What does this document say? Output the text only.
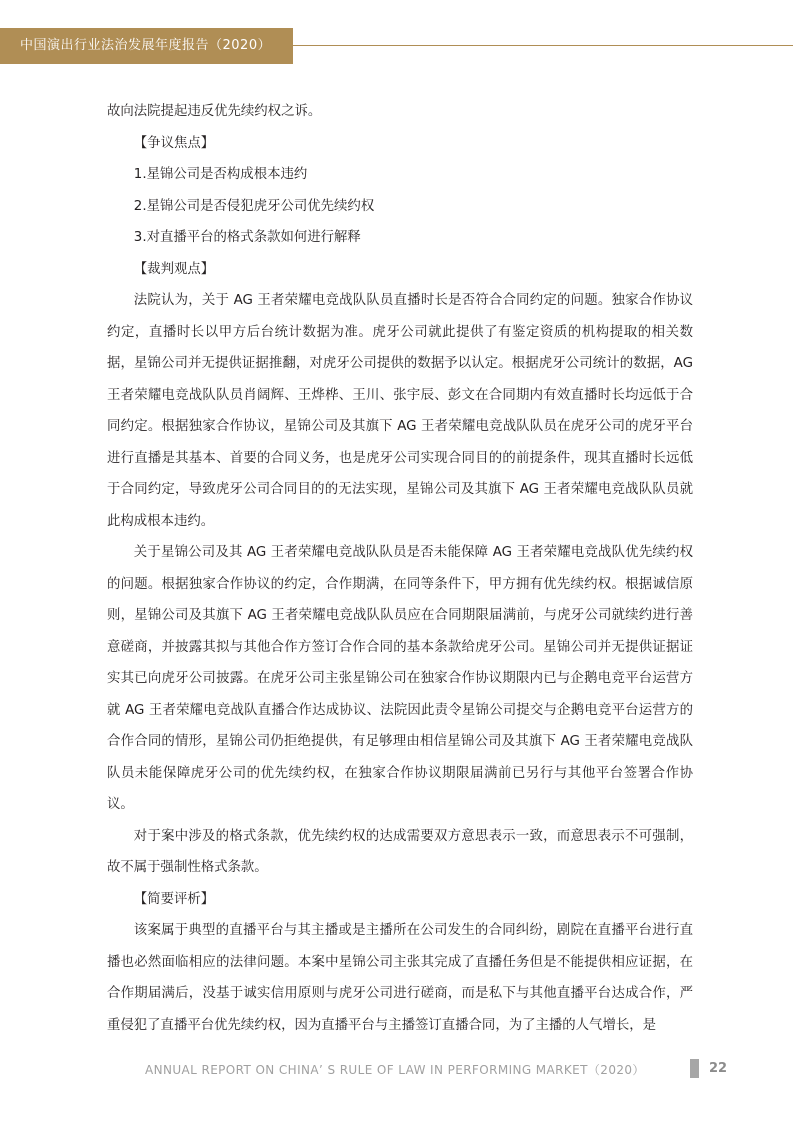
中国演出行业法治发展年度报告（2020）

故向法院提起违反优先续约权之诉。

【争议焦点】

1.星锦公司是否构成根本违约

2.星锦公司是否侵犯虎牙公司优先续约权

3.对直播平台的格式条款如何进行解释

【裁判观点】

法院认为，关于 AG 王者荣耀电竞战队队员直播时长是否符合合同约定的问题。独家合作协议约定，直播时长以甲方后台统计数据为准。虎牙公司就此提供了有鉴定资质的机构提取的相关数据，星锦公司并无提供证据推翻，对虎牙公司提供的数据予以认定。根据虎牙公司统计的数据，AG 王者荣耀电竞战队队员肖阔辉、王烨桦、王川、张宇辰、彭文在合同期内有效直播时长均远低于合同约定。根据独家合作协议，星锦公司及其旗下 AG 王者荣耀电竞战队队员在虎牙公司的虎牙平台进行直播是其基本、首要的合同义务，也是虎牙公司实现合同目的的前提条件，现其直播时长远低于合同约定，导致虎牙公司合同目的的无法实现，星锦公司及其旗下 AG 王者荣耀电竞战队队员就此构成根本违约。

关于星锦公司及其 AG 王者荣耀电竞战队队员是否未能保障 AG 王者荣耀电竞战队优先续约权的问题。根据独家合作协议的约定，合作期满，在同等条件下，甲方拥有优先续约权。根据诚信原则，星锦公司及其旗下 AG 王者荣耀电竞战队队员应在合同期限届满前，与虎牙公司就续约进行善意磋商，并披露其拟与其他合作方签订合作合同的基本条款给虎牙公司。星锦公司并无提供证据证实其已向虎牙公司披露。在虎牙公司主张星锦公司在独家合作协议期限内已与企鹅电竞平台运营方就 AG 王者荣耀电竞战队直播合作达成协议、法院因此责令星锦公司提交与企鹅电竞平台运营方的合作合同的情形，星锦公司仍拒绝提供，有足够理由相信星锦公司及其旗下 AG 王者荣耀电竞战队队员未能保障虎牙公司的优先续约权，在独家合作协议期限届满前已另行与其他平台签署合作协议。

对于案中涉及的格式条款，优先续约权的达成需要双方意思表示一致，而意思表示不可强制，故不属于强制性格式条款。

【简要评析】

该案属于典型的直播平台与其主播或是主播所在公司发生的合同纠纷，剧院在直播平台进行直播也必然面临相应的法律问题。本案中星锦公司主张其完成了直播任务但是不能提供相应证据，在合作期届满后，没基于诚实信用原则与虎牙公司进行磋商，而是私下与其他直播平台达成合作，严重侵犯了直播平台优先续约权，因为直播平台与主播签订直播合同，为了主播的人气增长，是

ANNUAL REPORT ON CHINA’ S RULE OF LAW IN PERFORMING MARKET（2020）	22
